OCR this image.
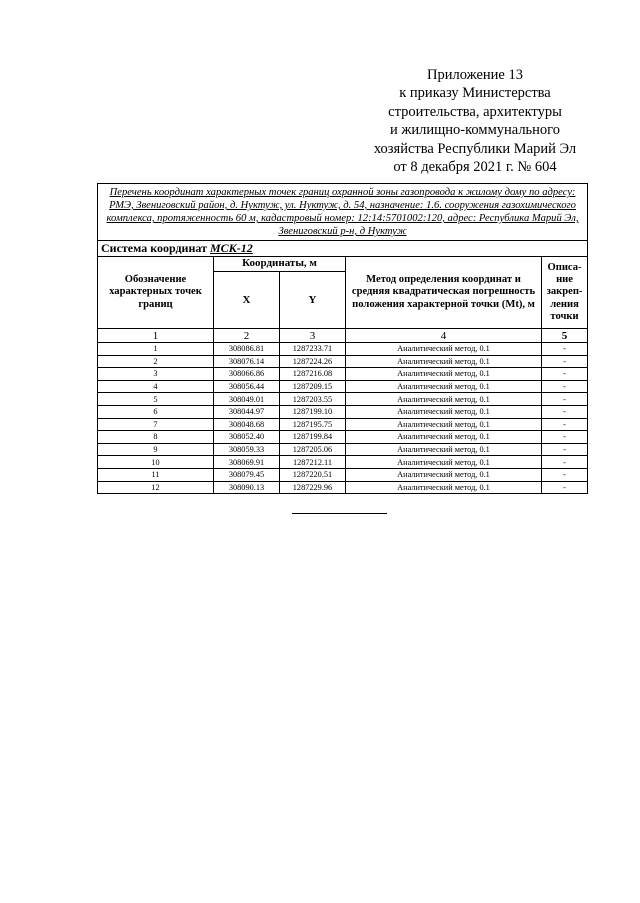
Приложение 13
к приказу Министерства
строительства, архитектуры
и жилищно-коммунального
хозяйства Республики Марий Эл
от 8 декабря 2021 г. № 604
Перечень координат характерных точек границ охранной зоны газопровода к жилому дому по адресу: РМЭ, Звениговский район, д. Нуктуж, ул. Нуктуж, д. 54, назначение: 1.6. сооружения газохимического комплекса, протяженность 60 м, кадастровый номер: 12:14:5701002:120, адрес: Республика Марий Эл, Звениговский р-н, д Нуктуж				
Система координат МСК-12				
Обозначение характерных точек границ	Координаты, м		Метод определения координат и средняя квадратическая погрешность положения характерной точки (Mt), м	Описа-ние закреп-ления точки
	X	Y		
1	2	3	4	5
1	308086.81	1287233.71	Аналитический метод, 0.1	-
2	308076.14	1287224.26	Аналитический метод, 0.1	-
3	308066.86	1287216.08	Аналитический метод, 0.1	-
4	308056.44	1287209.15	Аналитический метод, 0.1	-
5	308049.01	1287203.55	Аналитический метод, 0.1	-
6	308044.97	1287199.10	Аналитический метод, 0.1	-
7	308048.68	1287195.75	Аналитический метод, 0.1	-
8	308052.40	1287199.84	Аналитический метод, 0.1	-
9	308059.33	1287205.06	Аналитический метод, 0.1	-
10	308069.91	1287212.11	Аналитический метод, 0.1	-
11	308079.45	1287220.51	Аналитический метод, 0.1	-
12	308090.13	1287229.96	Аналитический метод, 0.1	-
